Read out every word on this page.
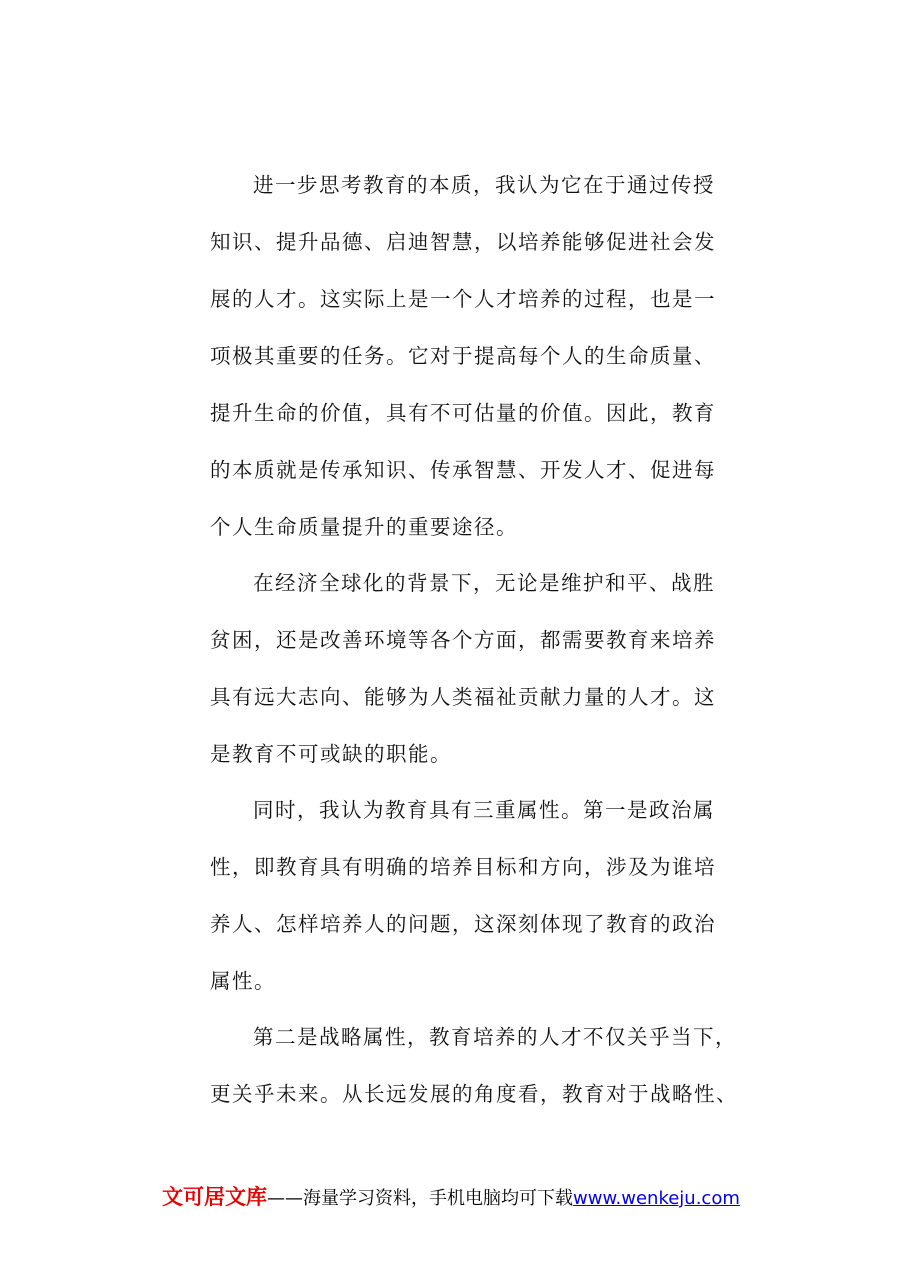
进一步思考教育的本质，我认为它在于通过传授
知识、提升品德、启迪智慧，以培养能够促进社会发
展的人才。这实际上是一个人才培养的过程，也是一
项极其重要的任务。它对于提高每个人的生命质量、
提升生命的价值，具有不可估量的价值。因此，教育
的本质就是传承知识、传承智慧、开发人才、促进每
个人生命质量提升的重要途径。
在经济全球化的背景下，无论是维护和平、战胜
贫困，还是改善环境等各个方面，都需要教育来培养
具有远大志向、能够为人类福祉贡献力量的人才。这
是教育不可或缺的职能。
同时，我认为教育具有三重属性。第一是政治属
性，即教育具有明确的培养目标和方向，涉及为谁培
养人、怎样培养人的问题，这深刻体现了教育的政治
属性。
第二是战略属性，教育培养的人才不仅关乎当下，
更关乎未来。从长远发展的角度看，教育对于战略性、
文可居文库——海量学习资料，手机电脑均可下载www.wenkeju.com
